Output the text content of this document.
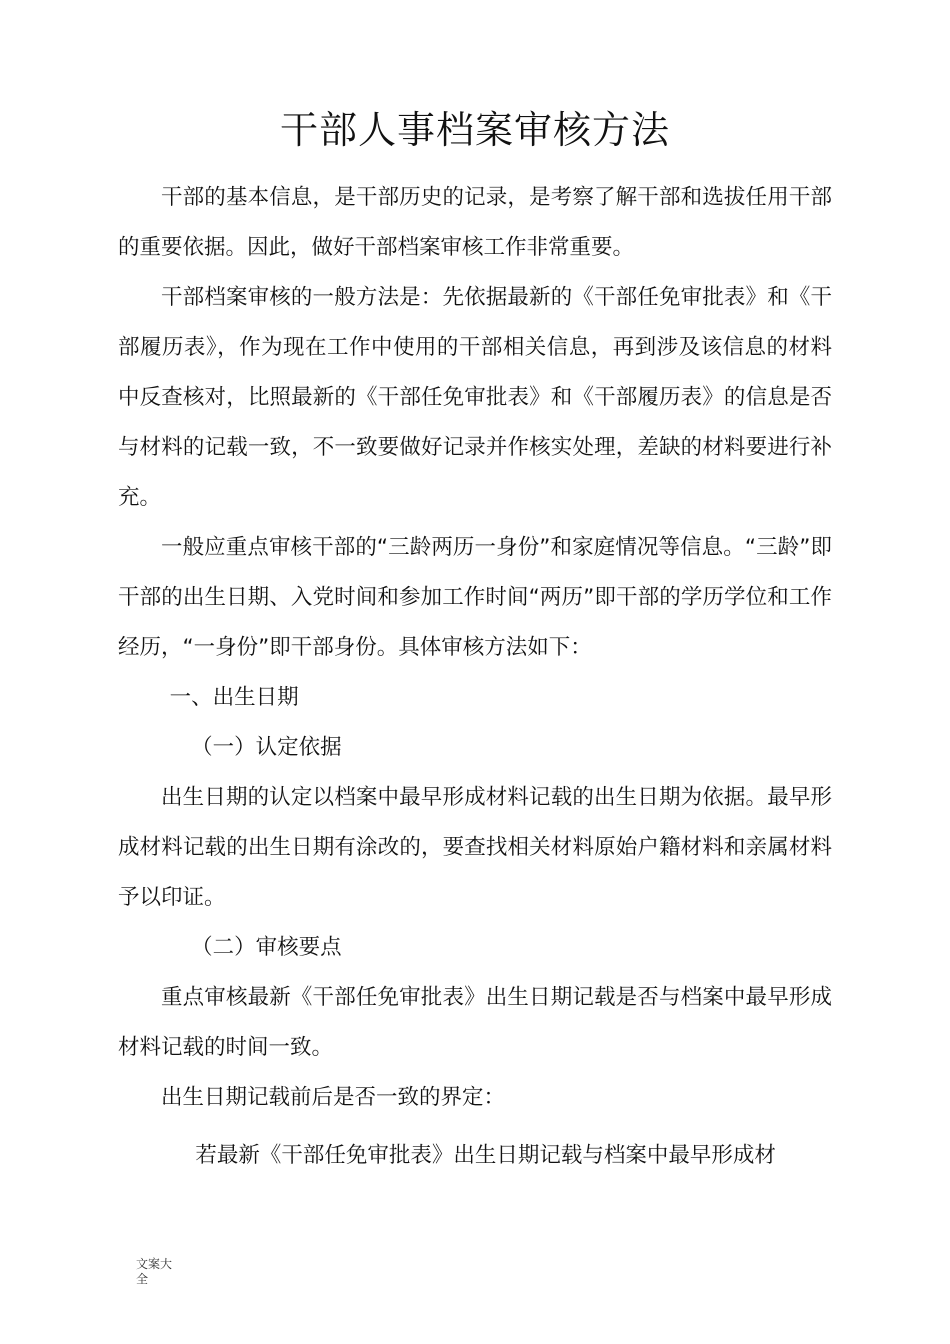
干部人事档案审核方法

干部的基本信息，是干部历史的记录，是考察了解干部和选拔任用干部的重要依据。因此，做好干部档案审核工作非常重要。

干部档案审核的一般方法是：先依据最新的《干部任免审批表》和《干部履历表》，作为现在工作中使用的干部相关信息，再到涉及该信息的材料中反查核对，比照最新的《干部任免审批表》和《干部履历表》的信息是否与材料的记载一致，不一致要做好记录并作核实处理，差缺的材料要进行补充。

一般应重点审核干部的“三龄两历一身份”和家庭情况等信息。“三龄”即干部的出生日期、入党时间和参加工作时间“两历”即干部的学历学位和工作经历，“一身份”即干部身份。具体审核方法如下：

一、出生日期

（一）认定依据

出生日期的认定以档案中最早形成材料记载的出生日期为依据。最早形成材料记载的出生日期有涂改的，要查找相关材料原始户籍材料和亲属材料予以印证。

（二）审核要点

重点审核最新《干部任免审批表》出生日期记载是否与档案中最早形成材料记载的时间一致。

出生日期记载前后是否一致的界定：

若最新《干部任免审批表》出生日期记载与档案中最早形成材

文案大全
